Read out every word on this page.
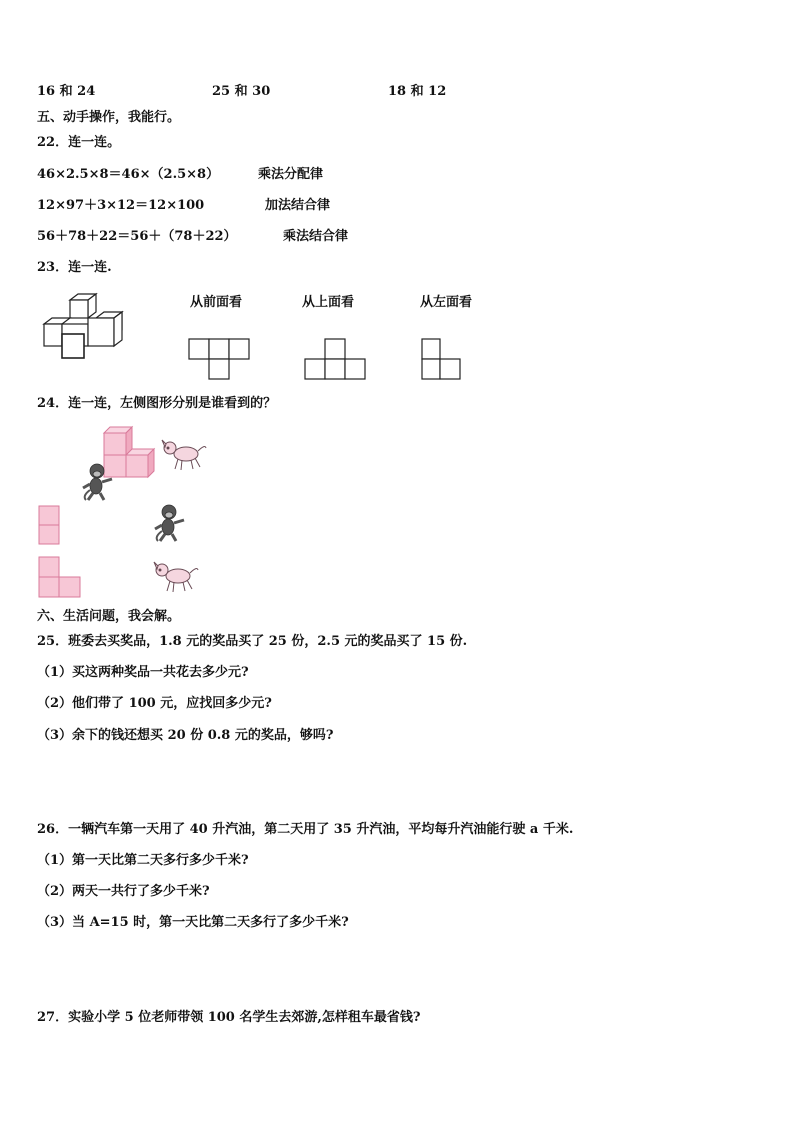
16 和 24	25 和 30	18 和 12
五、动手操作，我能行。
22．连一连。
46×2.5×8＝46×（2.5×8）	乘法分配律
12×97＋3×12＝12×100	加法结合律
56＋78＋22＝56＋（78＋22）	乘法结合律
23．连一连.
从前面看	从上面看	从左面看
24．连一连，左侧图形分别是谁看到的？
六、生活问题，我会解。
25．班委去买奖品，1.8 元的奖品买了 25 份，2.5 元的奖品买了 15 份.
（1）买这两种奖品一共花去多少元?
（2）他们带了 100 元，应找回多少元?
（3）余下的钱还想买 20 份 0.8 元的奖品，够吗?
26．一辆汽车第一天用了 40 升汽油，第二天用了 35 升汽油，平均每升汽油能行驶 a 千米.
（1）第一天比第二天多行多少千米?
（2）两天一共行了多少千米?
（3）当 A=15 时，第一天比第二天多行了多少千米?
27．实验小学 5 位老师带领 100 名学生去郊游,怎样租车最省钱?
